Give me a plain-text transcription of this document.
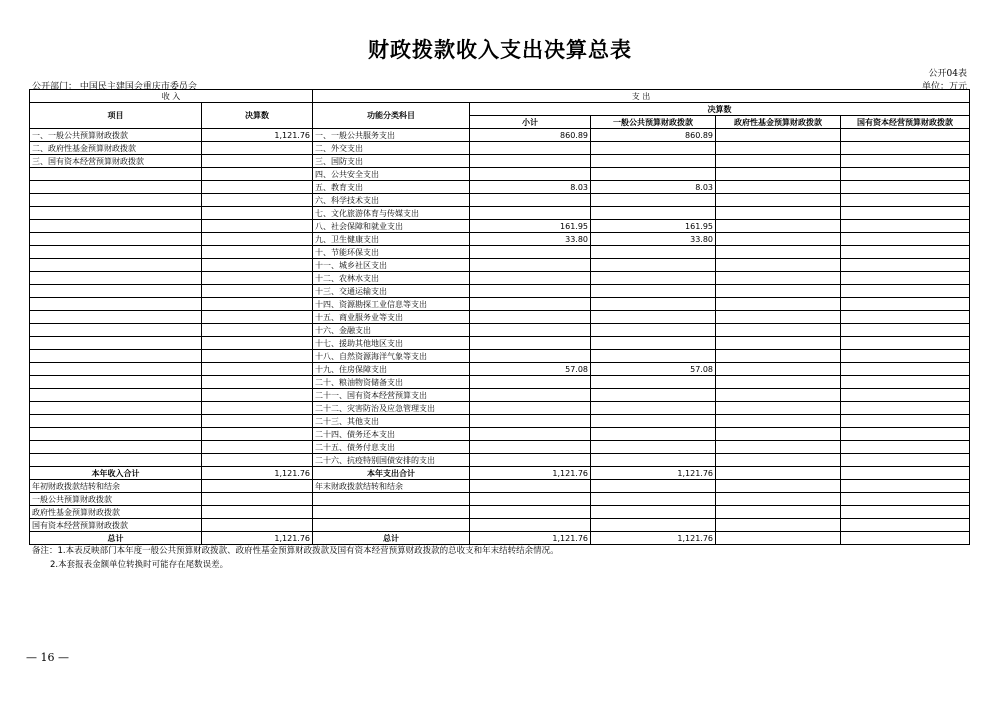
财政拨款收入支出决算总表
公开04表
公开部门： 中国民主建国会重庆市委员会	单位：万元
收 入		支 出				
项目	决算数	功能分类科目	决算数			
			小计	一般公共预算财政拨款	政府性基金预算财政拨款	国有资本经营预算财政拨款
一、一般公共预算财政拨款	1,121.76	一、一般公共服务支出	860.89	860.89		
二、政府性基金预算财政拨款		二、外交支出				
三、国有资本经营预算财政拨款		三、国防支出				
		四、公共安全支出				
		五、教育支出	8.03	8.03		
		六、科学技术支出				
		七、文化旅游体育与传媒支出				
		八、社会保障和就业支出	161.95	161.95		
		九、卫生健康支出	33.80	33.80		
		十、节能环保支出				
		十一、城乡社区支出				
		十二、农林水支出				
		十三、交通运输支出				
		十四、资源勘探工业信息等支出				
		十五、商业服务业等支出				
		十六、金融支出				
		十七、援助其他地区支出				
		十八、自然资源海洋气象等支出				
		十九、住房保障支出	57.08	57.08		
		二十、粮油物资储备支出				
		二十一、国有资本经营预算支出				
		二十二、灾害防治及应急管理支出				
		二十三、其他支出				
		二十四、债务还本支出				
		二十五、债务付息支出				
		二十六、抗疫特别国债安排的支出				
本年收入合计	1,121.76	本年支出合计	1,121.76	1,121.76		
年初财政拨款结转和结余		年末财政拨款结转和结余				
一般公共预算财政拨款						
政府性基金预算财政拨款						
国有资本经营预算财政拨款						
总计	1,121.76	总计	1,121.76	1,121.76		
备注：1.本表反映部门本年度一般公共预算财政拨款、政府性基金预算财政拨款及国有资本经营预算财政拨款的总收支和年末结转结余情况。
2.本套报表金额单位转换时可能存在尾数误差。
— 16 —
